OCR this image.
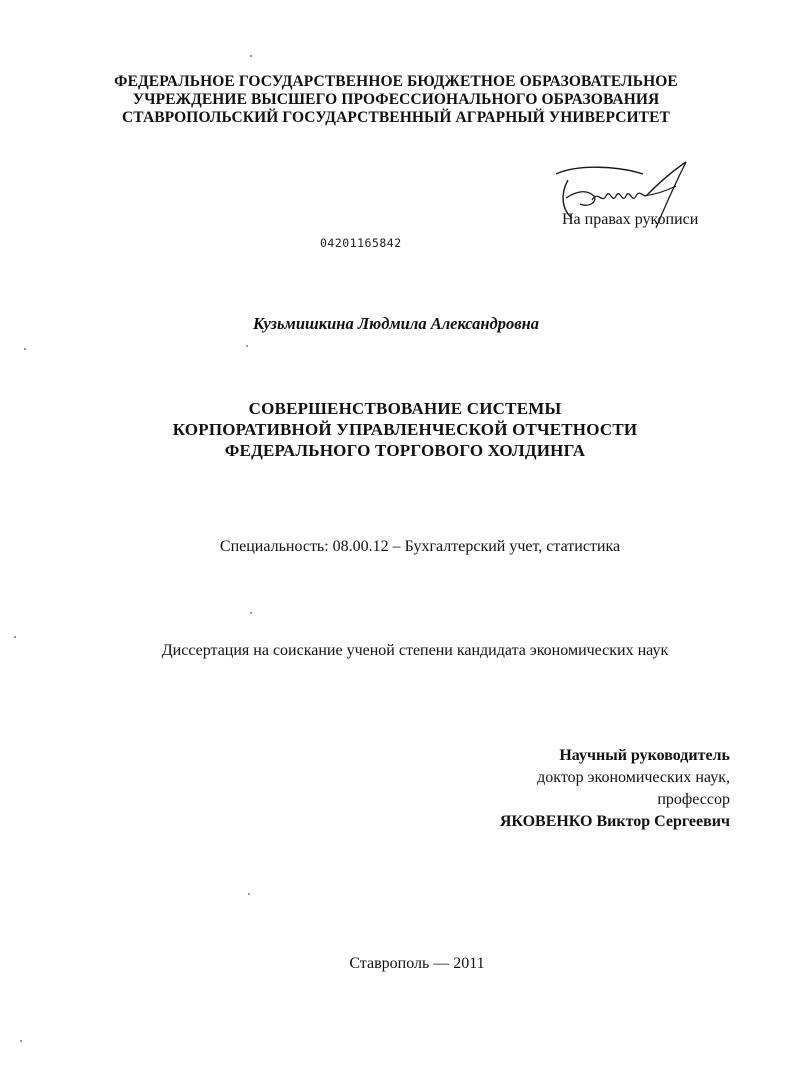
ФЕДЕРАЛЬНОЕ ГОСУДАРСТВЕННОЕ БЮДЖЕТНОЕ ОБРАЗОВАТЕЛЬНОЕ
УЧРЕЖДЕНИЕ ВЫСШЕГО ПРОФЕССИОНАЛЬНОГО ОБРАЗОВАНИЯ
СТАВРОПОЛЬСКИЙ ГОСУДАРСТВЕННЫЙ АГРАРНЫЙ УНИВЕРСИТЕТ
На правах рукописи
04201165842
Кузьмишкина Людмила Александровна
СОВЕРШЕНСТВОВАНИЕ СИСТЕМЫ
КОРПОРАТИВНОЙ УПРАВЛЕНЧЕСКОЙ ОТЧЕТНОСТИ
ФЕДЕРАЛЬНОГО ТОРГОВОГО ХОЛДИНГА
Специальность: 08.00.12 – Бухгалтерский учет, статистика
Диссертация на соискание ученой степени кандидата экономических наук
Научный руководитель
доктор экономических наук,
профессор
ЯКОВЕНКО Виктор Сергеевич
Ставрополь — 2011
